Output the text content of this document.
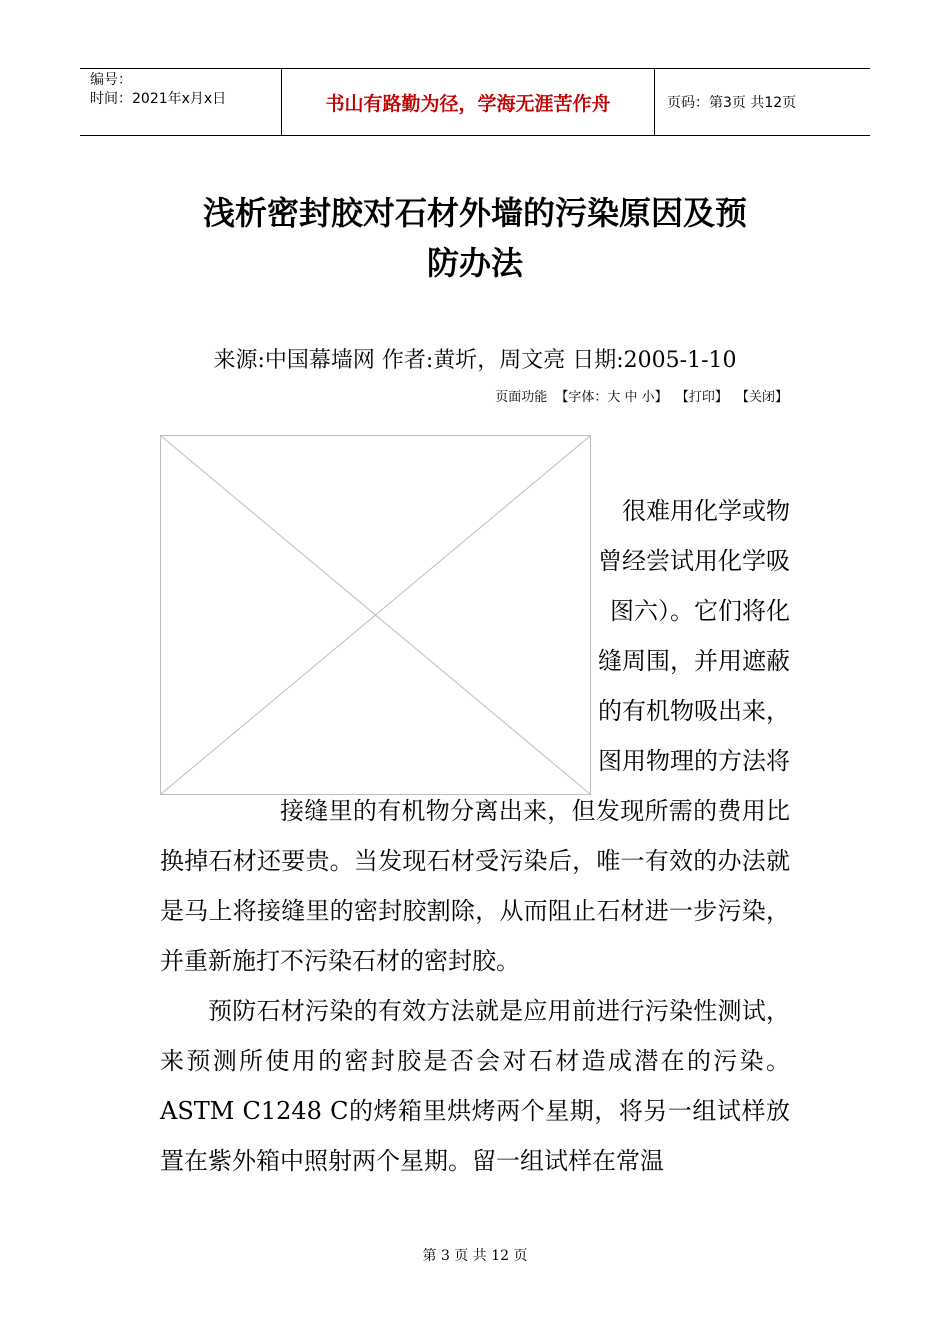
编号：
时间：2021年x月x日	书山有路勤为径，学海无涯苦作舟	页码：第3页 共12页
浅析密封胶对石材外墙的污染原因及预
防办法
来源:中国幕墙网 作者:黄圻，周文亮 日期:2005-1-10
页面功能 【字体：大 中 小】 【打印】 【关闭】
很难用化学或物
曾经尝试用化学吸
图六）。它们将化
缝周围，并用遮蔽
的有机物吸出来，
图用物理的方法将

接缝里的有机物分离出来，但发现所需的费用比换掉石材还要贵。当发现石材受污染后，唯一有效的办法就是马上将接缝里的密封胶割除，从而阻止石材进一步污染， 并重新施打不污染石材的密封胶。

预防石材污染的有效方法就是应用前进行污染性测试，来预测所使用的密封胶是否会对石材造成潜在的污染。ASTM C1248 C的烤箱里烘烤两个星期，将另一组试样放置在紫外箱中照射两个星期。留一组试样在常温

第 3 页 共 12 页
